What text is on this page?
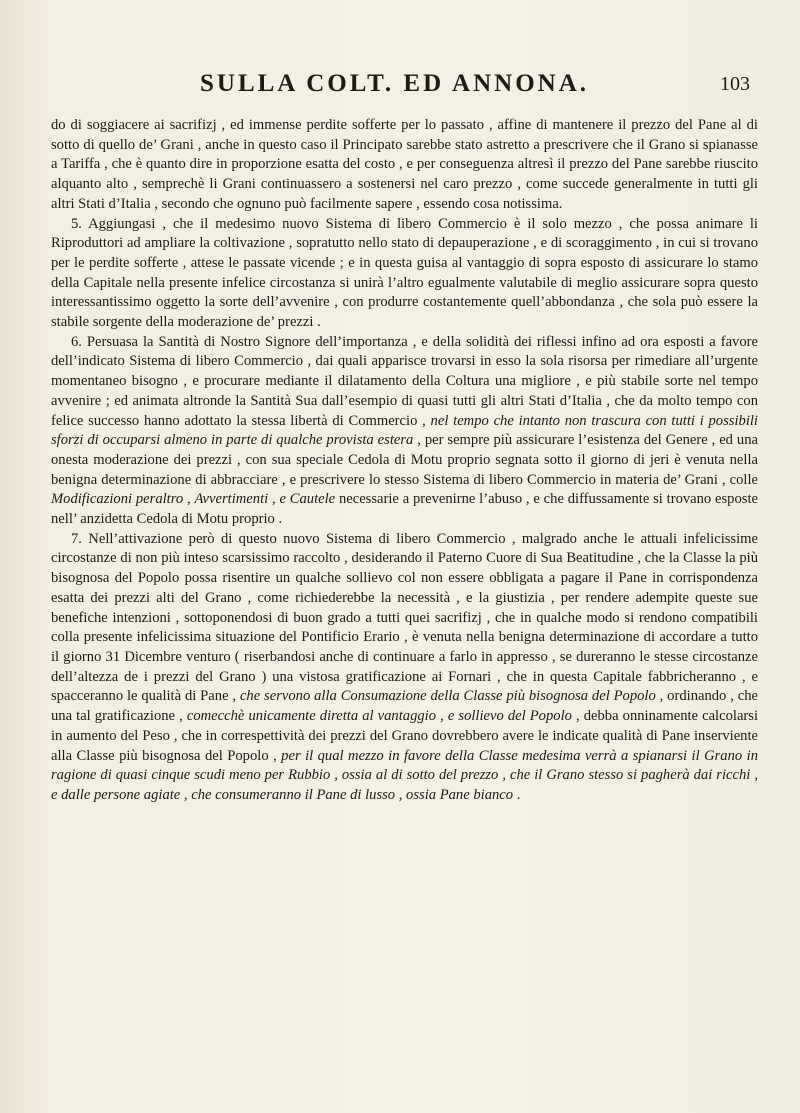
SULLA COLT. ED ANNONA.	103

do di soggiacere ai sacrifizj , ed immense perdite sofferte per lo passato , affine di mantenere il prezzo del Pane al di sotto di quello de’ Grani , anche in questo caso il Principato sarebbe stato astretto a prescrivere che il Grano si spianasse a Tariffa , che è quanto dire in proporzione esatta del costo , e per conseguenza altresì il prezzo del Pane sarebbe riuscito alquanto alto , semprechè li Grani continuassero a sostenersi nel caro prezzo , come succede generalmente in tutti gli altri Stati d’Italia , secondo che ognuno può facilmente sapere , essendo cosa notissima.

5. Aggiungasi , che il medesimo nuovo Sistema di libero Commercio è il solo mezzo , che possa animare li Riproduttori ad ampliare la coltivazione , sopratutto nello stato di depauperazione , e di scoraggimento , in cui si trovano per le perdite sofferte , attese le passate vicende ; e in questa guisa al vantaggio di sopra esposto di assicurare lo stamo della Capitale nella presente infelice circostanza si unirà l’altro egualmente valutabile di meglio assicurare sopra questo interessantissimo oggetto la sorte dell’avvenire , con produrre costantemente quell’abbondanza , che sola può essere la stabile sorgente della moderazione de’ prezzi .

6. Persuasa la Santità di Nostro Signore dell’importanza , e della solidità dei riflessi infino ad ora esposti a favore dell’indicato Sistema di libero Commercio , dai quali apparisce trovarsi in esso la sola risorsa per rimediare all’urgente momentaneo bisogno , e procurare mediante il dilatamento della Coltura una migliore , e più stabile sorte nel tempo avvenire ; ed animata altronde la Santità Sua dall’esempio di quasi tutti gli altri Stati d’Italia , che da molto tempo con felice successo hanno adottato la stessa libertà di Commercio , nel tempo che intanto non trascura con tutti i possibili sforzi di occuparsi almeno in parte di qualche provista estera , per sempre più assicurare l’esistenza del Genere , ed una onesta moderazione dei prezzi , con sua speciale Cedola di Motu proprio segnata sotto il giorno di jeri è venuta nella benigna determinazione di abbracciare , e prescrivere lo stesso Sistema di libero Commercio in materia de’ Grani , colle Modificazioni peraltro , Avvertimenti , e Cautele necessarie a prevenirne l’abuso , e che diffussamente si trovano esposte nell’ anzidetta Cedola di Motu proprio .

7. Nell’attivazione però di questo nuovo Sistema di libero Commercio , malgrado anche le attuali infelicissime circostanze di non più inteso scarsissimo raccolto , desiderando il Paterno Cuore di Sua Beatitudine , che la Classe la più bisognosa del Popolo possa risentire un qualche sollievo col non essere obbligata a pagare il Pane in corrispondenza esatta dei prezzi alti del Grano , come richiederebbe la necessità , e la giustizia , per rendere adempite queste sue benefiche intenzioni , sottoponendosi di buon grado a tutti quei sacrifizj , che in qualche modo si rendono compatibili colla presente infelicissima situazione del Pontificio Erario , è venuta nella benigna determinazione di accordare a tutto il giorno 31 Dicembre venturo ( riserbandosi anche di continuare a farlo in appresso , se dureranno le stesse circostanze dell’altezza de i prezzi del Grano ) una vistosa gratificazione ai Fornari , che in questa Capitale fabbricheranno , e spacceranno le qualità di Pane , che servono alla Consumazione della Classe più bisognosa del Popolo , ordinando , che una tal gratificazione , comecchè unicamente diretta al vantaggio , e sollievo del Popolo , debba onninamente calcolarsi in aumento del Peso , che in correspettività dei prezzi del Grano dovrebbero avere le indicate qualità di Pane inserviente alla Classe più bisognosa del Popolo , per il qual mezzo in favore della Classe medesima verrà a spianarsi il Grano in ragione di quasi cinque scudi meno per Rubbio , ossia al di sotto del prezzo , che il Grano stesso si pagherà dai ricchi , e dalle persone agiate , che consumeranno il Pane di lusso , ossia Pane bianco .
